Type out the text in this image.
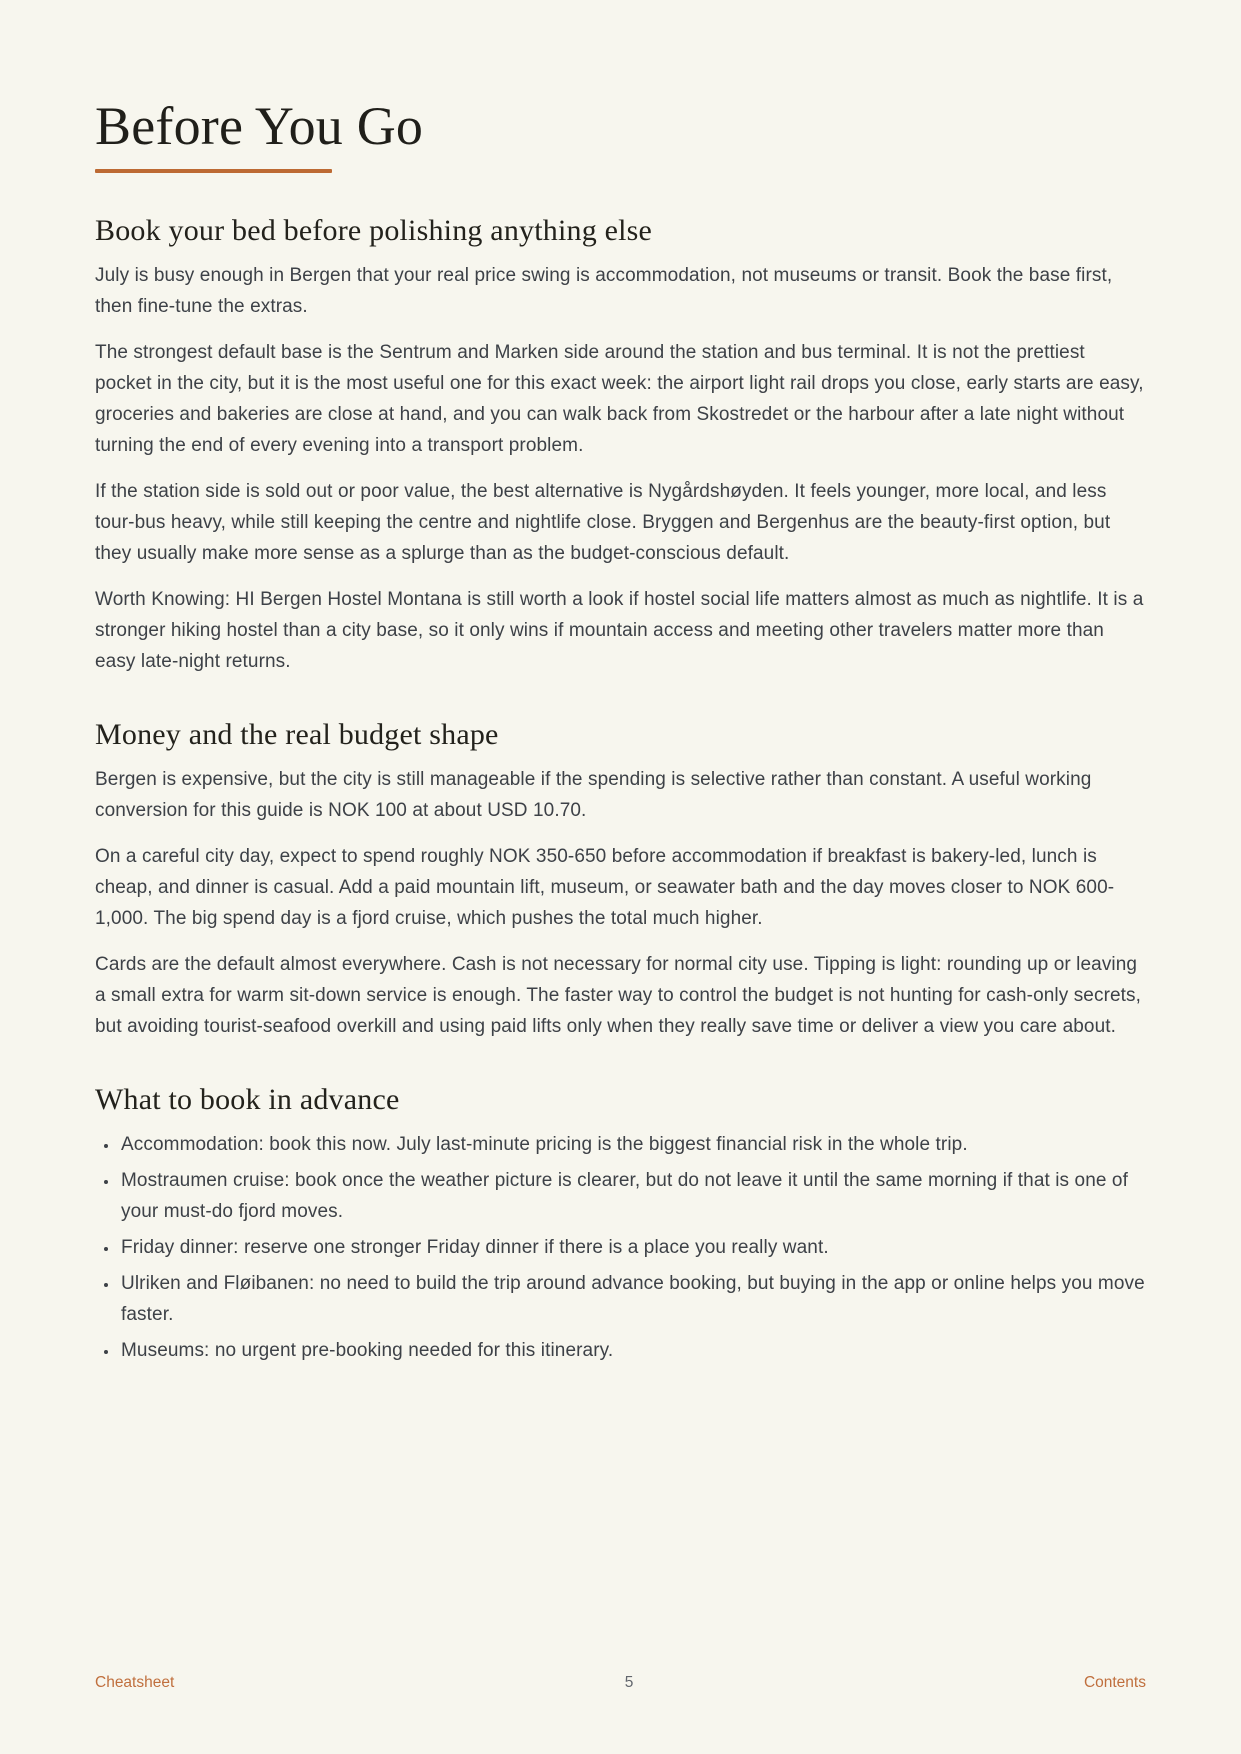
Before You Go
Book your bed before polishing anything else

July is busy enough in Bergen that your real price swing is accommodation, not museums or transit. Book the base first, then fine-tune the extras.

The strongest default base is the Sentrum and Marken side around the station and bus terminal. It is not the prettiest pocket in the city, but it is the most useful one for this exact week: the airport light rail drops you close, early starts are easy, groceries and bakeries are close at hand, and you can walk back from Skostredet or the harbour after a late night without turning the end of every evening into a transport problem.

If the station side is sold out or poor value, the best alternative is Nygårdshøyden. It feels younger, more local, and less tour-bus heavy, while still keeping the centre and nightlife close. Bryggen and Bergenhus are the beauty-first option, but they usually make more sense as a splurge than as the budget-conscious default.

Worth Knowing: HI Bergen Hostel Montana is still worth a look if hostel social life matters almost as much as nightlife. It is a stronger hiking hostel than a city base, so it only wins if mountain access and meeting other travelers matter more than easy late-night returns.

Money and the real budget shape

Bergen is expensive, but the city is still manageable if the spending is selective rather than constant. A useful working conversion for this guide is NOK 100 at about USD 10.70.

On a careful city day, expect to spend roughly NOK 350-650 before accommodation if breakfast is bakery-led, lunch is cheap, and dinner is casual. Add a paid mountain lift, museum, or seawater bath and the day moves closer to NOK 600-1,000. The big spend day is a fjord cruise, which pushes the total much higher.

Cards are the default almost everywhere. Cash is not necessary for normal city use. Tipping is light: rounding up or leaving a small extra for warm sit-down service is enough. The faster way to control the budget is not hunting for cash-only secrets, but avoiding tourist-seafood overkill and using paid lifts only when they really save time or deliver a view you care about.

What to book in advance
• Accommodation: book this now. July last-minute pricing is the biggest financial risk in the whole trip.
• Mostraumen cruise: book once the weather picture is clearer, but do not leave it until the same morning if that is one of your must-do fjord moves.
• Friday dinner: reserve one stronger Friday dinner if there is a place you really want.
• Ulriken and Fløibanen: no need to build the trip around advance booking, but buying in the app or online helps you move faster.
• Museums: no urgent pre-booking needed for this itinerary.
Cheatsheet	5	Contents
